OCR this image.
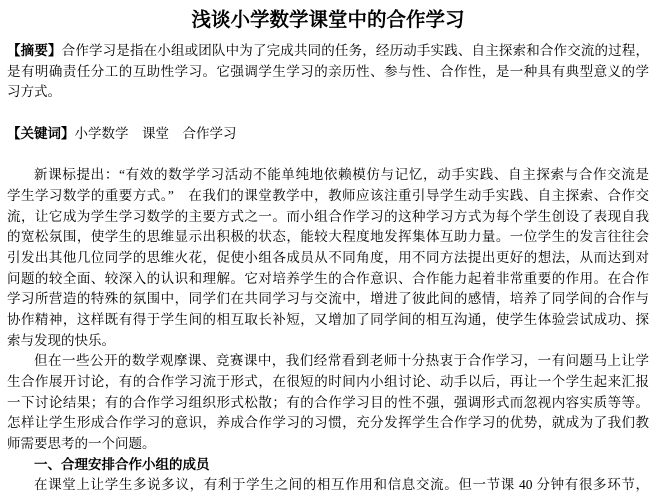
浅谈小学数学课堂中的合作学习
【摘要】合作学习是指在小组或团队中为了完成共同的任务，经历动手实践、自主探索和合作交流的过程，
是有明确责任分工的互助性学习。它强调学生学习的亲历性、参与性、合作性，是一种具有典型意义的学
习方式。
【关键词】小学数学　课堂　合作学习
新课标提出：“有效的数学学习活动不能单纯地依赖模仿与记忆，动手实践、自主探索与合作交流是
学生学习数学的重要方式。”　在我们的课堂教学中，教师应该注重引导学生动手实践、自主探索、合作交
流，让它成为学生学习数学的主要方式之一。而小组合作学习的这种学习方式为每个学生创设了表现自我
的宽松氛围，使学生的思维显示出积极的状态，能较大程度地发挥集体互助力量。一位学生的发言往往会
引发出其他几位同学的思维火花，促使小组各成员从不同角度，用不同方法提出更好的想法，从而达到对
问题的较全面、较深入的认识和理解。它对培养学生的合作意识、合作能力起着非常重要的作用。在合作
学习所营造的特殊的氛围中，同学们在共同学习与交流中，增进了彼此间的感情，培养了同学间的合作与
协作精神，这样既有得于学生间的相互取长补短，又增加了同学间的相互沟通，使学生体验尝试成功、探
索与发现的快乐。
但在一些公开的数学观摩课、竞赛课中，我们经常看到老师十分热衷于合作学习，一有问题马上让学
生合作展开讨论，有的合作学习流于形式，在很短的时间内小组讨论、动手以后，再让一个学生起来汇报
一下讨论结果；有的合作学习组织形式松散；有的合作学习目的性不强，强调形式而忽视内容实质等等。
怎样让学生形成合作学习的意识，养成合作学习的习惯，充分发挥学生合作学习的优势，就成为了我们教
师需要思考的一个问题。
一、合理安排合作小组的成员
在课堂上让学生多说多议，有利于学生之间的相互作用和信息交流。但一节课 40 分钟有很多环节，
